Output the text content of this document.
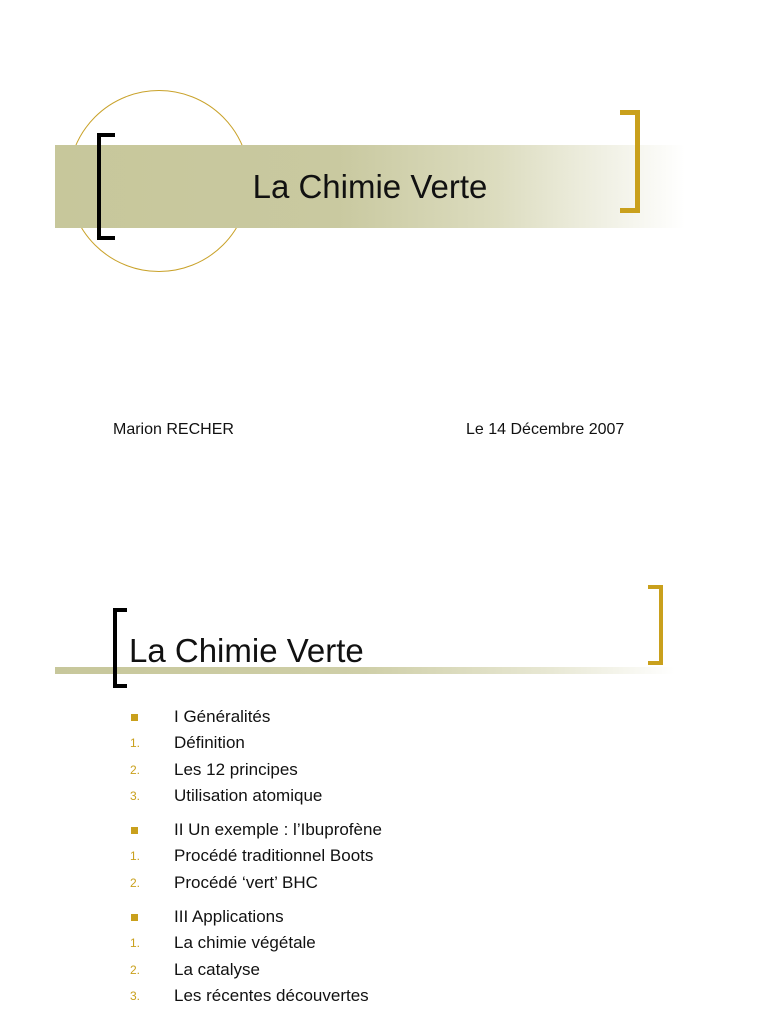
La Chimie Verte
Marion RECHER	Le 14 Décembre 2007
La Chimie Verte
I Généralités
1.	Définition
2.	Les 12 principes
3.	Utilisation atomique
II Un exemple : l’Ibuprofène
1.	Procédé traditionnel Boots
2.	Procédé ‘vert’ BHC
III Applications
1.	La chimie végétale
2.	La catalyse
3.	Les récentes découvertes
